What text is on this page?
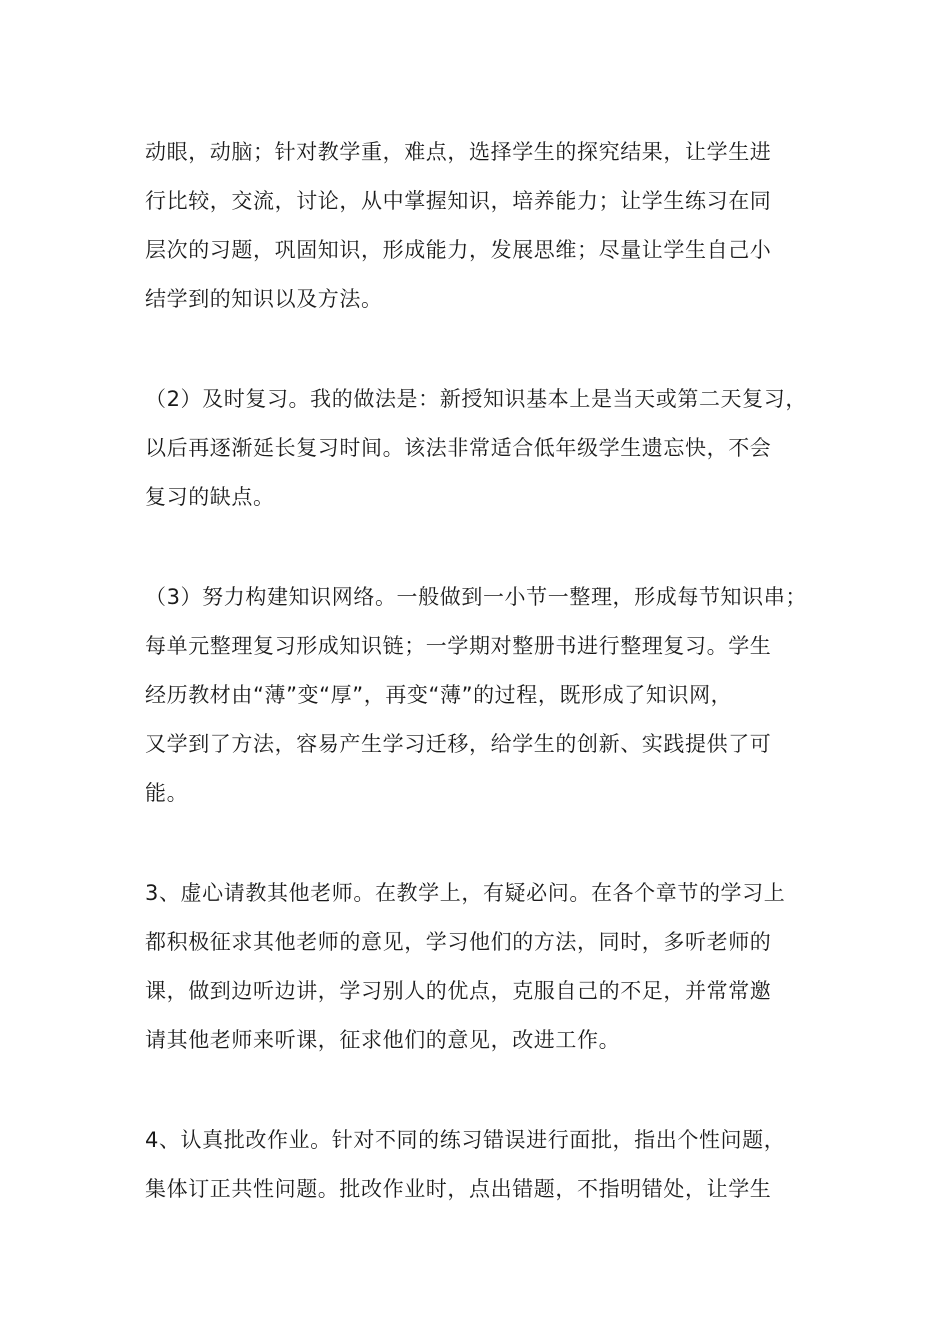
动眼，动脑；针对教学重，难点，选择学生的探究结果，让学生进
行比较，交流，讨论，从中掌握知识，培养能力；让学生练习在同
层次的习题，巩固知识，形成能力，发展思维；尽量让学生自己小
结学到的知识以及方法。

（2）及时复习。我的做法是：新授知识基本上是当天或第二天复习，
以后再逐渐延长复习时间。该法非常适合低年级学生遗忘快，不会
复习的缺点。

（3）努力构建知识网络。一般做到一小节一整理，形成每节知识串；
每单元整理复习形成知识链；一学期对整册书进行整理复习。学生
经历教材由“薄”变“厚”，再变“薄”的过程，既形成了知识网，
又学到了方法，容易产生学习迁移，给学生的创新、实践提供了可
能。

3、虚心请教其他老师。在教学上，有疑必问。在各个章节的学习上
都积极征求其他老师的意见，学习他们的方法，同时，多听老师的
课，做到边听边讲，学习别人的优点，克服自己的不足，并常常邀
请其他老师来听课，征求他们的意见，改进工作。

4、认真批改作业。针对不同的练习错误进行面批，指出个性问题，
集体订正共性问题。批改作业时，点出错题，不指明错处，让学生
